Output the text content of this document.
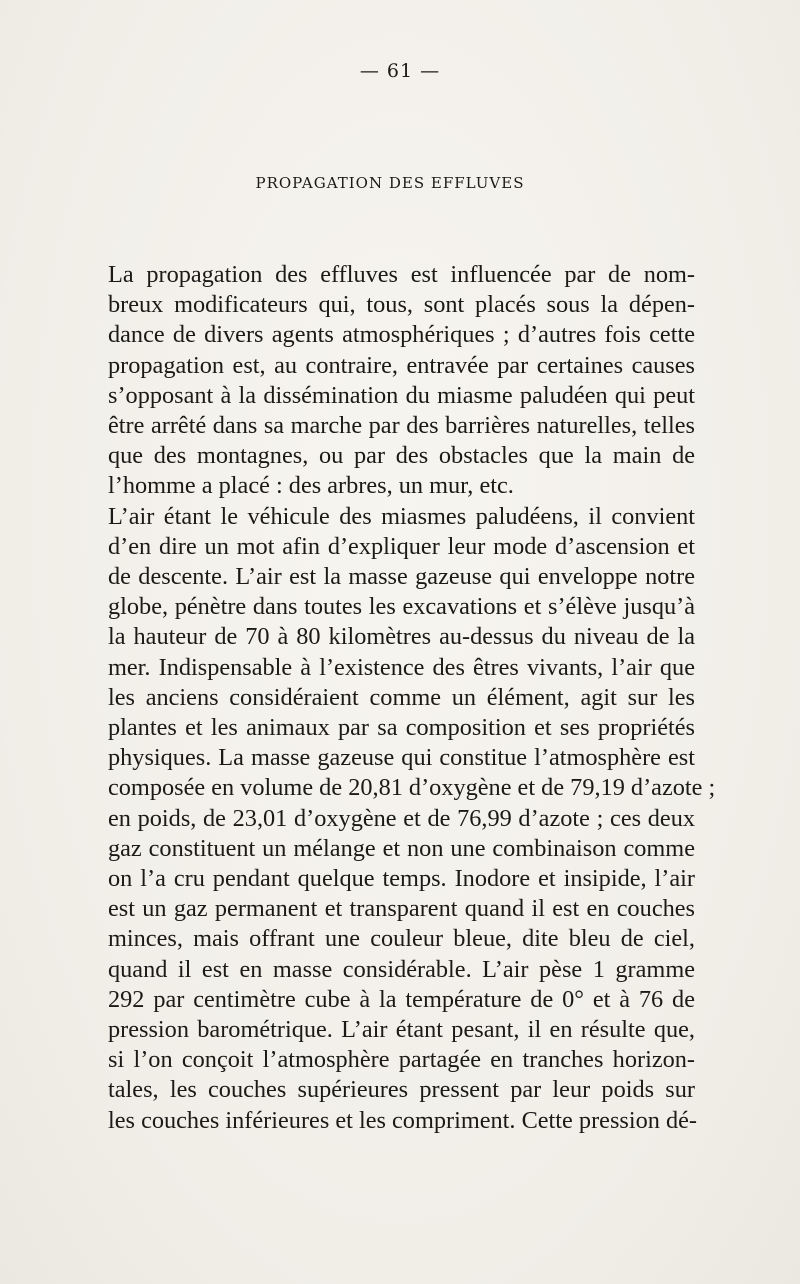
— 61 —
PROPAGATION DES EFFLUVES

La propagation des effluves est influencée par de nom-
breux modificateurs qui, tous, sont placés sous la dépen-
dance de divers agents atmosphériques ; d’autres fois cette
propagation est, au contraire, entravée par certaines causes
s’opposant à la dissémination du miasme paludéen qui peut
être arrêté dans sa marche par des barrières naturelles, telles
que des montagnes, ou par des obstacles que la main de
l’homme a placé : des arbres, un mur, etc.

L’air étant le véhicule des miasmes paludéens, il convient
d’en dire un mot afin d’expliquer leur mode d’ascension et
de descente. L’air est la masse gazeuse qui enveloppe notre
globe, pénètre dans toutes les excavations et s’élève jusqu’à
la hauteur de 70 à 80 kilomètres au-dessus du niveau de la
mer. Indispensable à l’existence des êtres vivants, l’air que
les anciens considéraient comme un élément, agit sur les
plantes et les animaux par sa composition et ses propriétés
physiques. La masse gazeuse qui constitue l’atmosphère est
composée en volume de 20,81 d’oxygène et de 79,19 d’azote ;
en poids, de 23,01 d’oxygène et de 76,99 d’azote ; ces deux
gaz constituent un mélange et non une combinaison comme
on l’a cru pendant quelque temps. Inodore et insipide, l’air
est un gaz permanent et transparent quand il est en couches
minces, mais offrant une couleur bleue, dite bleu de ciel,
quand il est en masse considérable. L’air pèse 1 gramme
292 par centimètre cube à la température de 0° et à 76 de
pression barométrique. L’air étant pesant, il en résulte que,
si l’on conçoit l’atmosphère partagée en tranches horizon-
tales, les couches supérieures pressent par leur poids sur
les couches inférieures et les compriment. Cette pression dé-
